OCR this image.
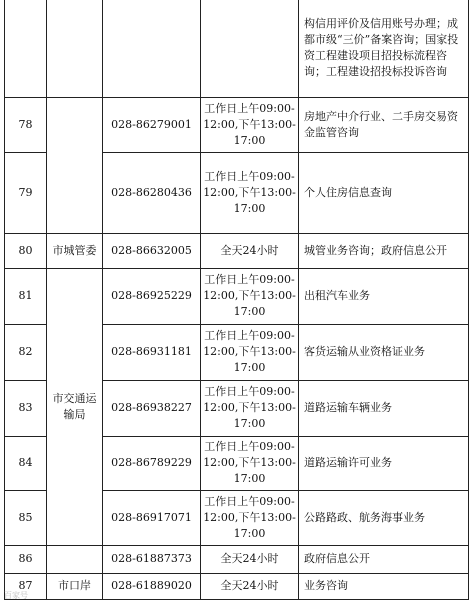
				构信用评价及信用账号办理；成都市级“三价”备案咨询；国家投资工程建设项目招投标流程咨询；工程建设招投标投诉咨询
78		028-86279001	工作日上午09:00-12:00,下午13:00-17:00	房地产中介行业、二手房交易资金监管咨询
79		028-86280436	工作日上午09:00-12:00,下午13:00-17:00	个人住房信息查询
80	市城管委	028-86632005	全天24小时	城管业务咨询；政府信息公开
81	市交通运输局	028-86925229	工作日上午09:00-12:00,下午13:00-17:00	出租汽车业务
82		028-86931181	工作日上午09:00-12:00,下午13:00-17:00	客货运输从业资格证业务
83		028-86938227	工作日上午09:00-12:00,下午13:00-17:00	道路运输车辆业务
84		028-86789229	工作日上午09:00-12:00,下午13:00-17:00	道路运输许可业务
85		028-86917071	工作日上午09:00-12:00,下午13:00-17:00	公路路政、航务海事业务
86		028-61887373	全天24小时	政府信息公开
87	市口岸	028-61889020	全天24小时	业务咨询
百家号
